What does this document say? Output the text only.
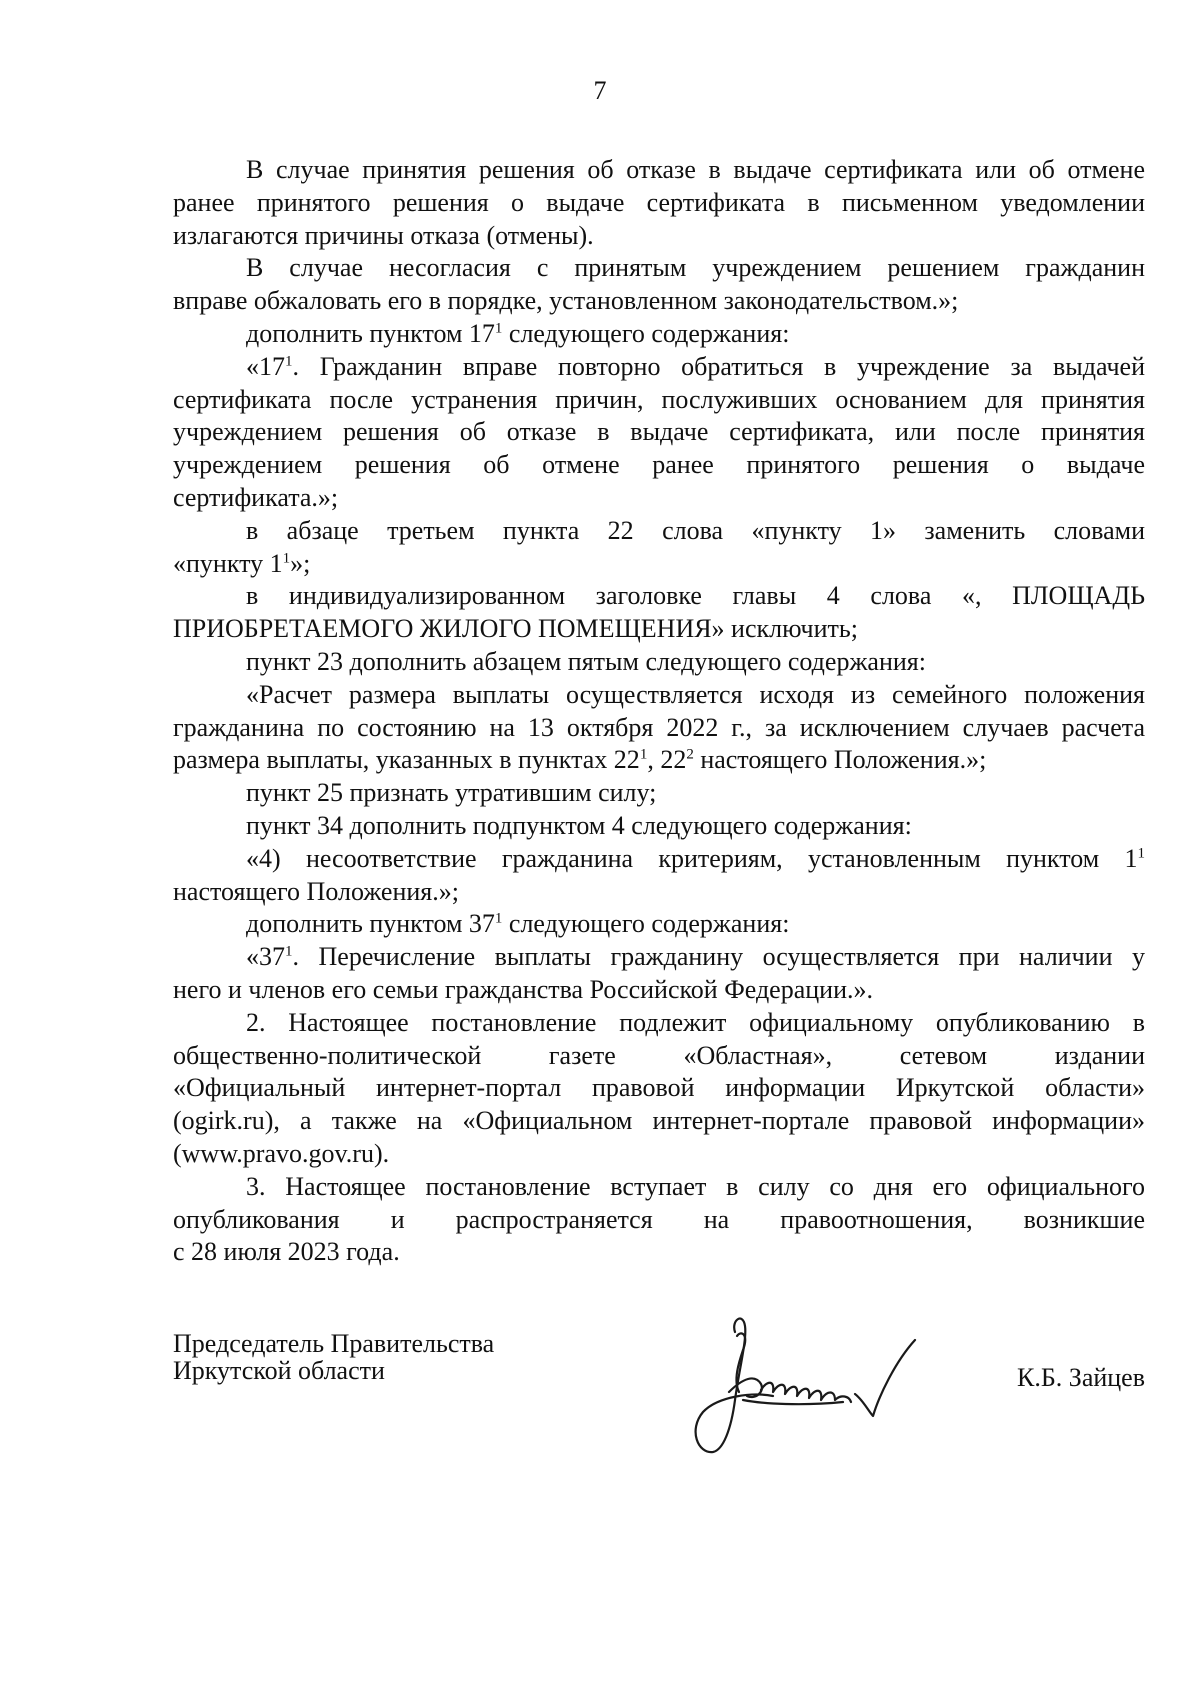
7

В случае принятия решения об отказе в выдаче сертификата или об отмене
ранее принятого решения о выдаче сертификата в письменном уведомлении
излагаются причины отказа (отмены).

В случае несогласия с принятым учреждением решением гражданин
вправе обжаловать его в порядке, установленном законодательством.»;

дополнить пунктом $17^1$ следующего содержания:

«$17^1$. Гражданин вправе повторно обратиться в учреждение за выдачей
сертификата после устранения причин, послуживших основанием для принятия
учреждением решения об отказе в выдаче сертификата, или после принятия
учреждением решения об отмене ранее принятого решения о выдаче
сертификата.»;

в абзаце третьем пункта 22 слова «пункту 1» заменить словами
«пункту $1^1$»;

в индивидуализированном заголовке главы 4 слова «, ПЛОЩАДЬ
ПРИОБРЕТАЕМОГО ЖИЛОГО ПОМЕЩЕНИЯ» исключить;

пункт 23 дополнить абзацем пятым следующего содержания:

«Расчет размера выплаты осуществляется исходя из семейного положения
гражданина по состоянию на 13 октября 2022 г., за исключением случаев расчета
размера выплаты, указанных в пунктах $22^1$, $22^2$ настоящего Положения.»;

пункт 25 признать утратившим силу;

пункт 34 дополнить подпунктом 4 следующего содержания:

«4) несоответствие гражданина критериям, установленным пунктом $1^1$
настоящего Положения.»;

дополнить пунктом $37^1$ следующего содержания:

«$37^1$. Перечисление выплаты гражданину осуществляется при наличии у
него и членов его семьи гражданства Российской Федерации.».

2. Настоящее постановление подлежит официальному опубликованию в
общественно-политической газете «Областная», сетевом издании
«Официальный интернет-портал правовой информации Иркутской области»
(ogirk.ru), а также на «Официальном интернет-портале правовой информации»
(www.pravo.gov.ru).

3. Настоящее постановление вступает в силу со дня его официального
опубликования и распространяется на правоотношения, возникшие
с 28 июля 2023 года.

Председатель Правительства
Иркутской области	К.Б. Зайцев
